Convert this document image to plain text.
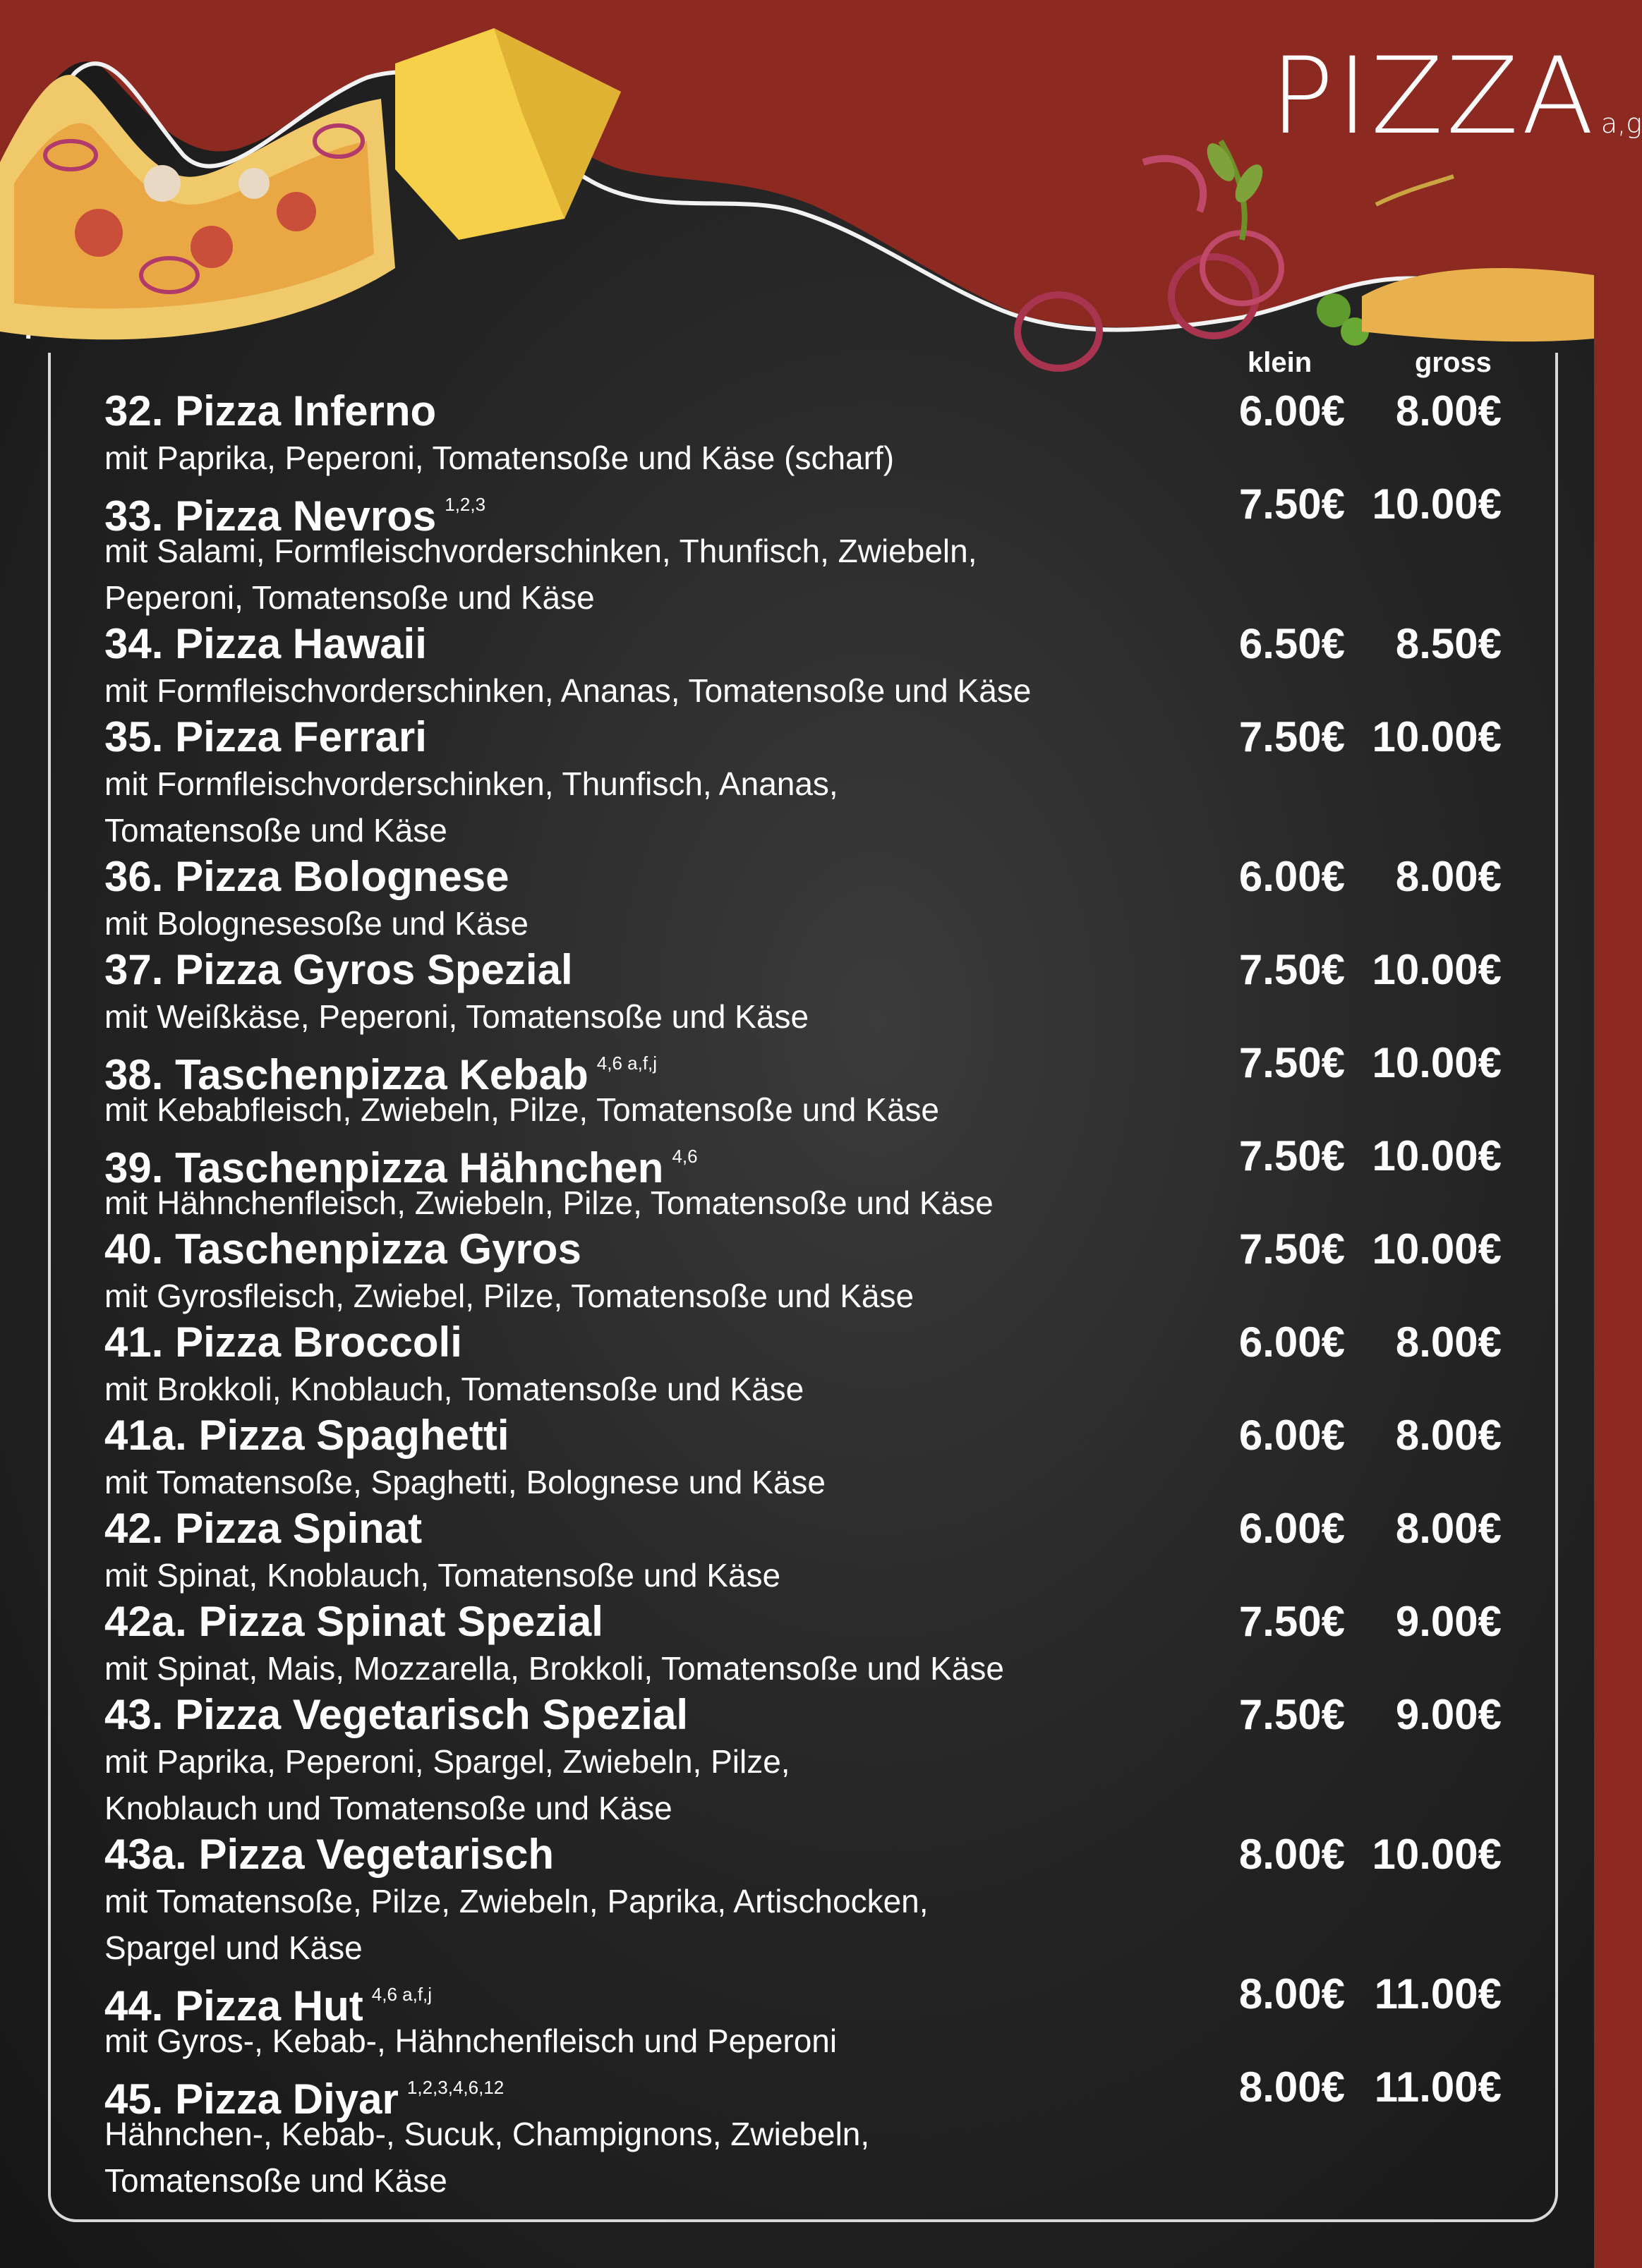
PIZZA a,g
klein	gross
32. Pizza Inferno	6.00€	8.00€
mit Paprika, Peperoni, Tomatensoße und Käse (scharf)
33. Pizza Nevros $^{1,2,3}$	7.50€ 10.00€
mit Salami, Formfleischvorderschinken, Thunfisch, Zwiebeln,
Peperoni, Tomatensoße und Käse
34. Pizza Hawaii	6.50€	8.50€
mit Formfleischvorderschinken, Ananas, Tomatensoße und Käse
35. Pizza Ferrari	7.50€ 10.00€
mit Formfleischvorderschinken, Thunfisch, Ananas,
Tomatensoße und Käse
36. Pizza Bolognese	6.00€	8.00€
mit Bolognesesoße und Käse
37. Pizza Gyros Spezial	7.50€ 10.00€
mit Weißkäse, Peperoni, Tomatensoße und Käse
38. Taschenpizza Kebab $^{4,6 a,f,j}$	7.50€ 10.00€
mit Kebabfleisch, Zwiebeln, Pilze, Tomatensoße und Käse
39. Taschenpizza Hähnchen $^{4,6}$	7.50€ 10.00€
mit Hähnchenfleisch, Zwiebeln, Pilze, Tomatensoße und Käse
40. Taschenpizza Gyros	7.50€ 10.00€
mit Gyrosfleisch, Zwiebel, Pilze, Tomatensoße und Käse
41. Pizza Broccoli	6.00€	8.00€
mit Brokkoli, Knoblauch, Tomatensoße und Käse
41a. Pizza Spaghetti	6.00€	8.00€
mit Tomatensoße, Spaghetti, Bolognese und Käse
42. Pizza Spinat	6.00€	8.00€
mit Spinat, Knoblauch, Tomatensoße und Käse
42a. Pizza Spinat Spezial	7.50€	9.00€
mit Spinat, Mais, Mozzarella, Brokkoli, Tomatensoße und Käse
43. Pizza Vegetarisch Spezial	7.50€	9.00€
mit Paprika, Peperoni, Spargel, Zwiebeln, Pilze,
Knoblauch und Tomatensoße und Käse
43a. Pizza Vegetarisch	8.00€ 10.00€
mit Tomatensoße, Pilze, Zwiebeln, Paprika, Artischocken,
Spargel und Käse
44. Pizza Hut $^{4,6 a,f,j}$	8.00€ 11.00€
mit Gyros-, Kebab-, Hähnchenfleisch und Peperoni
45. Pizza Diyar $^{1,2,3,4,6,12}$	8.00€ 11.00€
Hähnchen-, Kebab-, Sucuk, Champignons, Zwiebeln,
Tomatensoße und Käse
